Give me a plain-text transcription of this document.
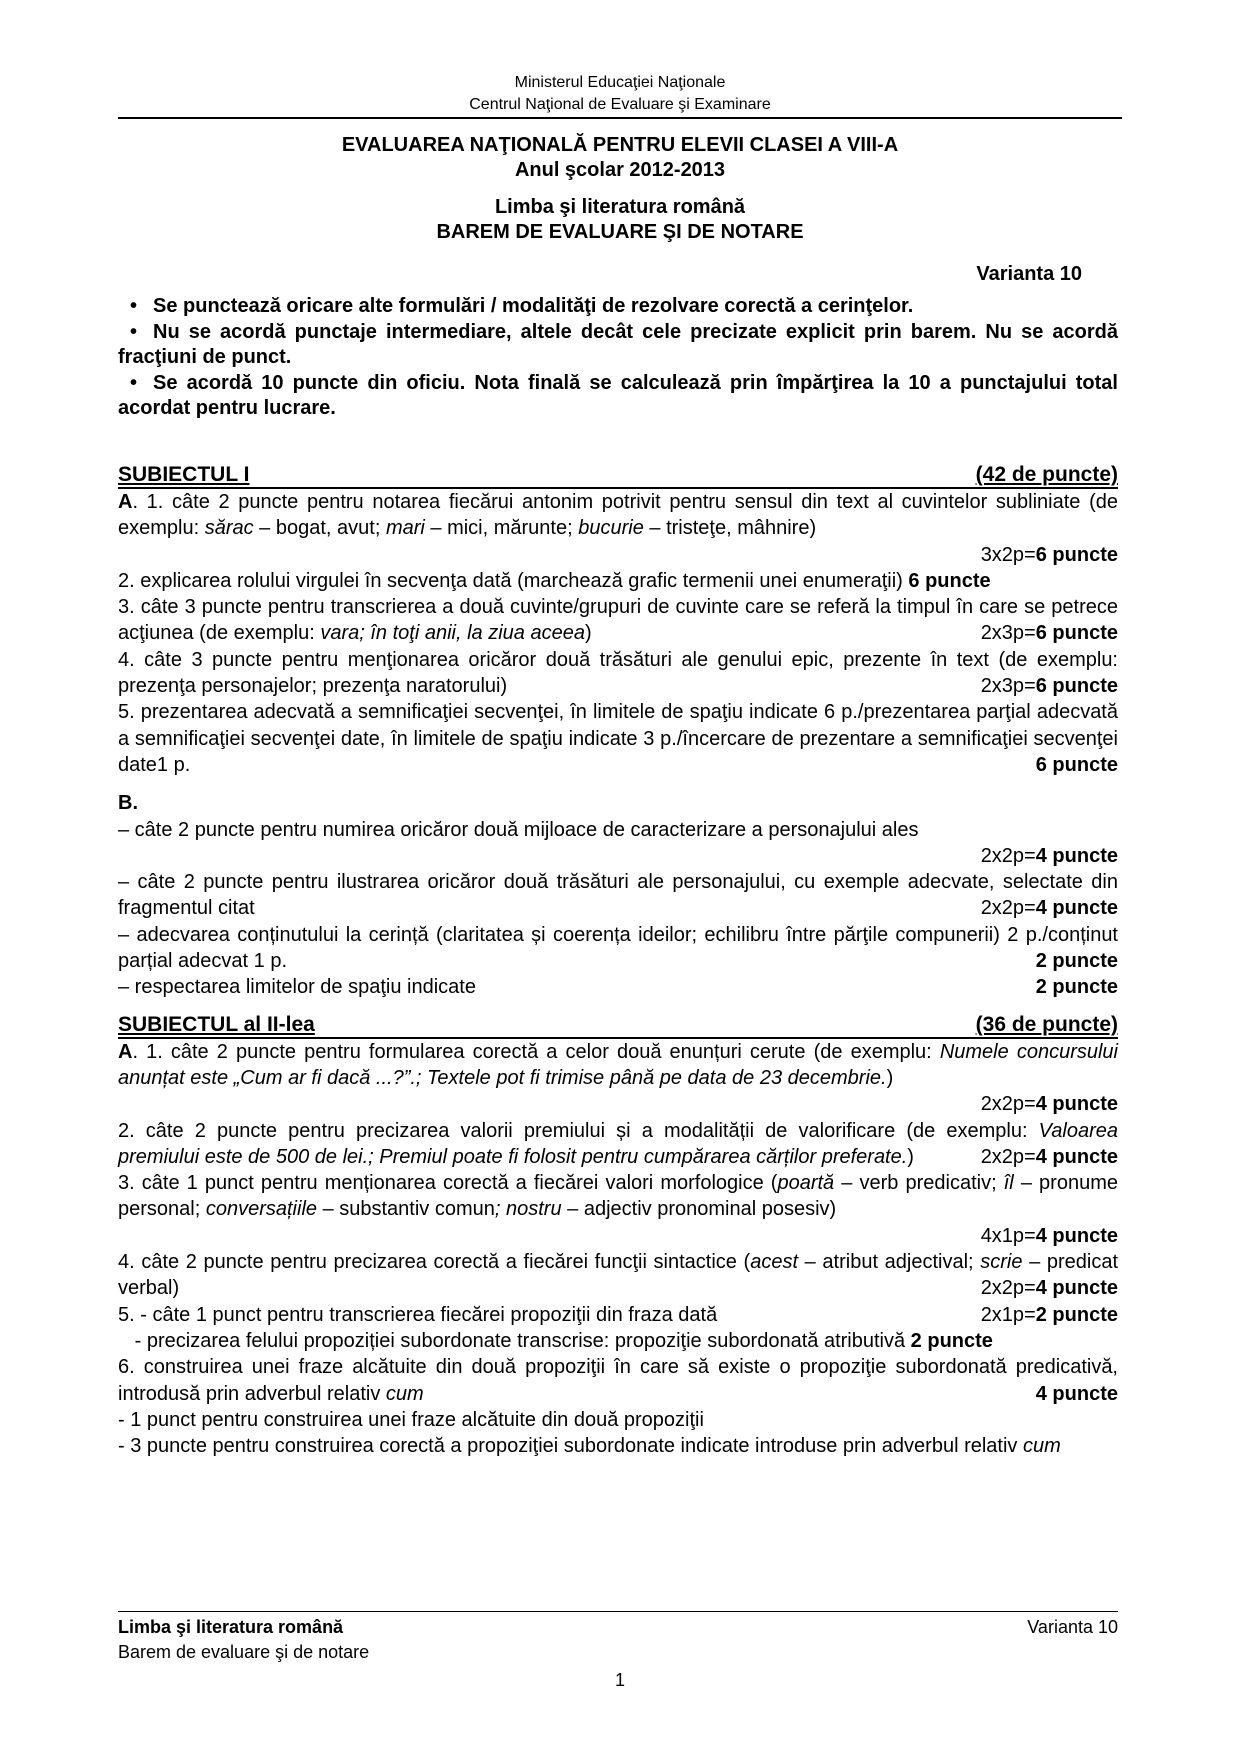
Ministerul Educaţiei Naţionale
Centrul Naţional de Evaluare şi Examinare
EVALUAREA NAŢIONALĂ PENTRU ELEVII CLASEI A VIII-A
Anul şcolar 2012-2013
Limba şi literatura română
BAREM DE EVALUARE ŞI DE NOTARE
Varianta 10

• Se punctează oricare alte formulări / modalităţi de rezolvare corectă a cerinţelor.

• Nu se acordă punctaje intermediare, altele decât cele precizate explicit prin barem. Nu se acordă fracţiuni de punct.

• Se acordă 10 puncte din oficiu. Nota finală se calculează prin împărţirea la 10 a punctajului total acordat pentru lucrare.

SUBIECTUL I	(42 de puncte)

A. 1. câte 2 puncte pentru notarea fiecărui antonim potrivit pentru sensul din text al cuvintelor subliniate (de exemplu: sărac – bogat, avut; mari – mici, mărunte; bucurie – tristeţe, mâhnire)

3x2p=6 puncte

2. explicarea rolului virgulei în secvenţa dată (marchează grafic termenii unei enumeraţii) 6 puncte

3. câte 3 puncte pentru transcrierea a două cuvinte/grupuri de cuvinte care se referă la timpul în care se petrece acţiunea (de exemplu: vara; în toţi anii, la ziua aceea)	2x3p=6 puncte

4. câte 3 puncte pentru menţionarea oricăror două trăsături ale genului epic, prezente în text (de exemplu: prezenţa personajelor; prezenţa naratorului)	2x3p=6 puncte

5. prezentarea adecvată a semnificaţiei secvenţei, în limitele de spaţiu indicate 6 p./prezentarea parţial adecvată a semnificaţiei secvenţei date, în limitele de spaţiu indicate 3 p./încercare de prezentare a semnificaţiei secvenţei date1 p.	6 puncte

B.

– câte 2 puncte pentru numirea oricăror două mijloace de caracterizare a personajului ales

2x2p=4 puncte

– câte 2 puncte pentru ilustrarea oricăror două trăsături ale personajului, cu exemple adecvate, selectate din fragmentul citat	2x2p=4 puncte

– adecvarea conținutului la cerință (claritatea și coerența ideilor; echilibru între părţile compunerii) 2 p./conținut parțial adecvat 1 p.	2 puncte

– respectarea limitelor de spaţiu indicate	2 puncte
SUBIECTUL al II-lea	(36 de puncte)

A. 1. câte 2 puncte pentru formularea corectă a celor două enunțuri cerute (de exemplu: Numele concursului anunțat este „Cum ar fi dacă ...?”.; Textele pot fi trimise până pe data de 23 decembrie.)

2x2p=4 puncte

2. câte 2 puncte pentru precizarea valorii premiului și a modalității de valorificare (de exemplu: Valoarea premiului este de 500 de lei.; Premiul poate fi folosit pentru cumpărarea cărților preferate.)	2x2p=4 puncte

3. câte 1 punct pentru menționarea corectă a fiecărei valori morfologice (poartă – verb predicativ; îl – pronume personal; conversațiile – substantiv comun; nostru – adjectiv pronominal posesiv)

4x1p=4 puncte

4. câte 2 puncte pentru precizarea corectă a fiecărei funcţii sintactice (acest – atribut adjectival; scrie – predicat verbal)	2x2p=4 puncte

5. - câte 1 punct pentru transcrierea fiecărei propoziţii din fraza dată	2x1p=2 puncte

- precizarea felului propoziției subordonate transcrise: propoziţie subordonată atributivă 2 puncte

6. construirea unei fraze alcătuite din două propoziţii în care să existe o propoziţie subordonată predicativă, introdusă prin adverbul relativ cum	4 puncte

- 1 punct pentru construirea unei fraze alcătuite din două propoziţii

- 3 puncte pentru construirea corectă a propoziţiei subordonate indicate introduse prin adverbul relativ cum

Limba şi literatura română	Varianta 10
Barem de evaluare şi de notare
1
